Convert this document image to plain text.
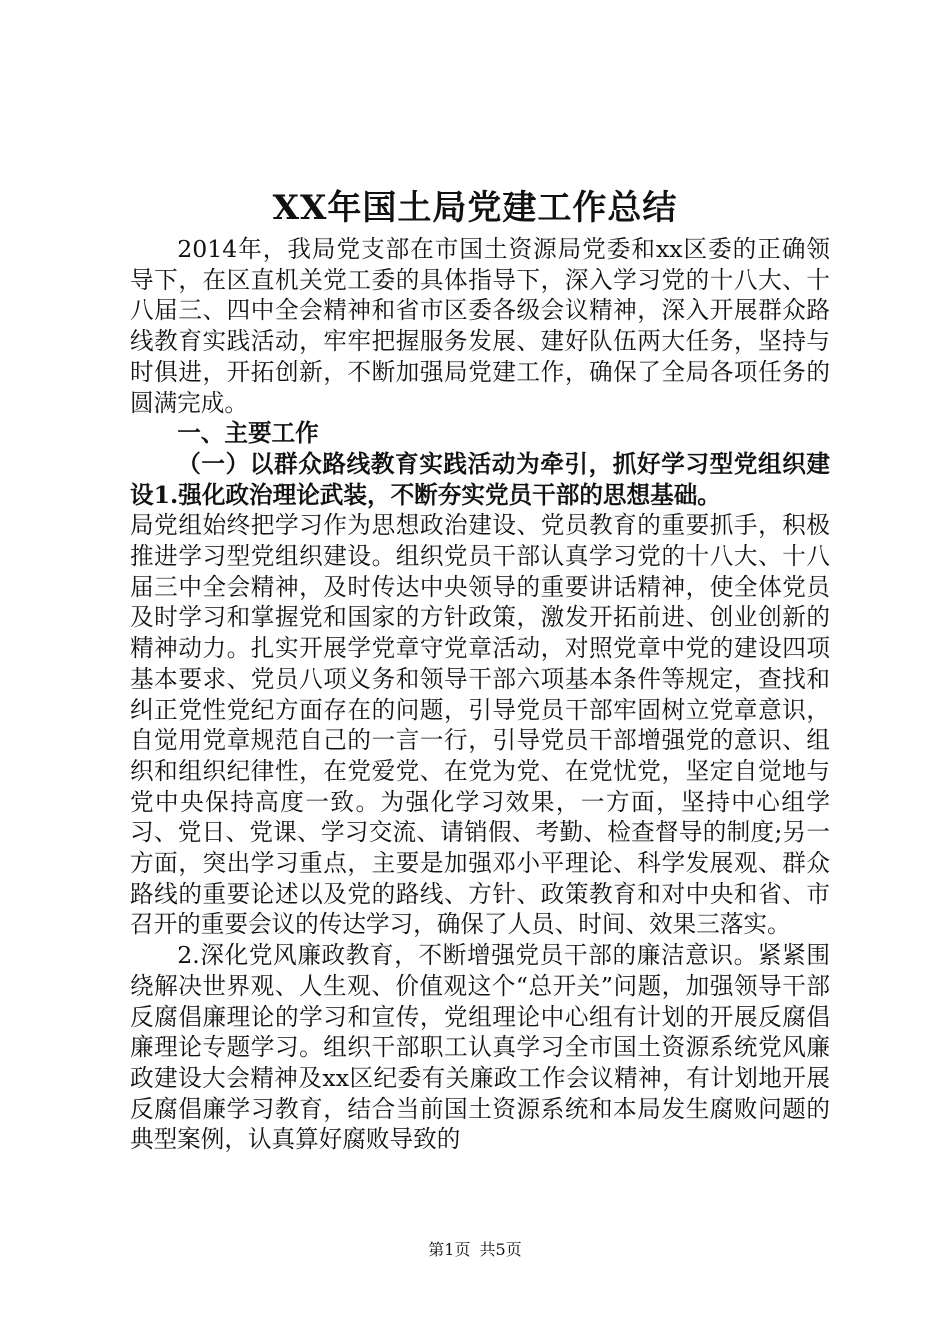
XX年国土局党建工作总结

2014年，我局党支部在市国土资源局党委和xx区委的正确领导下，在区直机关党工委的具体指导下，深入学习党的十八大、十八届三、四中全会精神和省市区委各级会议精神，深入开展群众路线教育实践活动，牢牢把握服务发展、建好队伍两大任务，坚持与时俱进，开拓创新，不断加强局党建工作，确保了全局各项任务的圆满完成。

一、主要工作

（一）以群众路线教育实践活动为牵引，抓好学习型党组织建设1.强化政治理论武装，不断夯实党员干部的思想基础。

局党组始终把学习作为思想政治建设、党员教育的重要抓手，积极推进学习型党组织建设。组织党员干部认真学习党的十八大、十八届三中全会精神，及时传达中央领导的重要讲话精神，使全体党员及时学习和掌握党和国家的方针政策，激发开拓前进、创业创新的精神动力。扎实开展学党章守党章活动，对照党章中党的建设四项基本要求、党员八项义务和领导干部六项基本条件等规定，查找和纠正党性党纪方面存在的问题，引导党员干部牢固树立党章意识，自觉用党章规范自己的一言一行，引导党员干部增强党的意识、组织和组织纪律性，在党爱党、在党为党、在党忧党，坚定自觉地与党中央保持高度一致。为强化学习效果，一方面，坚持中心组学习、党日、党课、学习交流、请销假、考勤、检查督导的制度;另一方面，突出学习重点，主要是加强邓小平理论、科学发展观、群众路线的重要论述以及党的路线、方针、政策教育和对中央和省、市召开的重要会议的传达学习，确保了人员、时间、效果三落实。

2.深化党风廉政教育，不断增强党员干部的廉洁意识。紧紧围绕解决世界观、人生观、价值观这个“总开关”问题，加强领导干部反腐倡廉理论的学习和宣传，党组理论中心组有计划的开展反腐倡廉理论专题学习。组织干部职工认真学习全市国土资源系统党风廉政建设大会精神及xx区纪委有关廉政工作会议精神，有计划地开展反腐倡廉学习教育，结合当前国土资源系统和本局发生腐败问题的典型案例，认真算好腐败导致的

第1页 共5页
